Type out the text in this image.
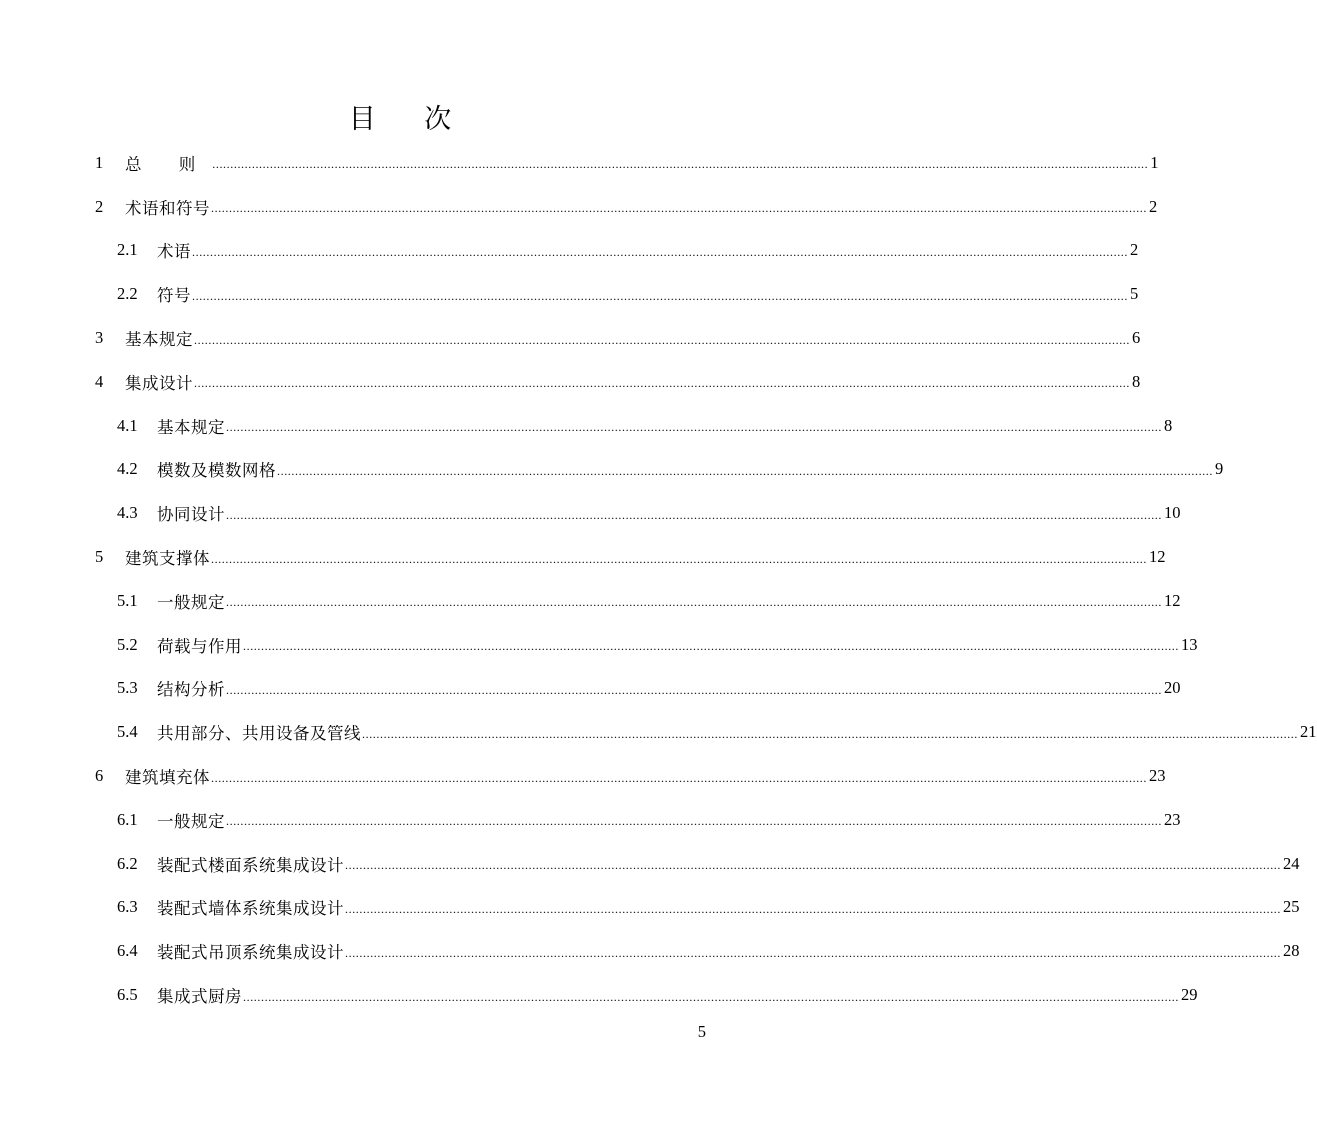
目 次
1	总 则 .................................................................................................................................................................................................................................................................... 1
2	术语和符号 .................................................................................................................................................................................................................................................................... 2
2.1	术语 .................................................................................................................................................................................................................................................................... 2
2.2	符号 .................................................................................................................................................................................................................................................................... 5
3	基本规定 .................................................................................................................................................................................................................................................................... 6
4	集成设计 .................................................................................................................................................................................................................................................................... 8
4.1	基本规定 .................................................................................................................................................................................................................................................................... 8
4.2	模数及模数网格 .................................................................................................................................................................................................................................................................... 9
4.3	协同设计 .................................................................................................................................................................................................................................................................... 10
5	建筑支撑体 .................................................................................................................................................................................................................................................................... 12
5.1	一般规定 .................................................................................................................................................................................................................................................................... 12
5.2	荷载与作用 .................................................................................................................................................................................................................................................................... 13
5.3	结构分析 .................................................................................................................................................................................................................................................................... 20
5.4	共用部分、共用设备及管线 .................................................................................................................................................................................................................................................................... 21
6	建筑填充体 .................................................................................................................................................................................................................................................................... 23
6.1	一般规定 .................................................................................................................................................................................................................................................................... 23
6.2	装配式楼面系统集成设计 .................................................................................................................................................................................................................................................................... 24
6.3	装配式墙体系统集成设计 .................................................................................................................................................................................................................................................................... 25
6.4	装配式吊顶系统集成设计 .................................................................................................................................................................................................................................................................... 28
6.5	集成式厨房 .................................................................................................................................................................................................................................................................... 29
5
